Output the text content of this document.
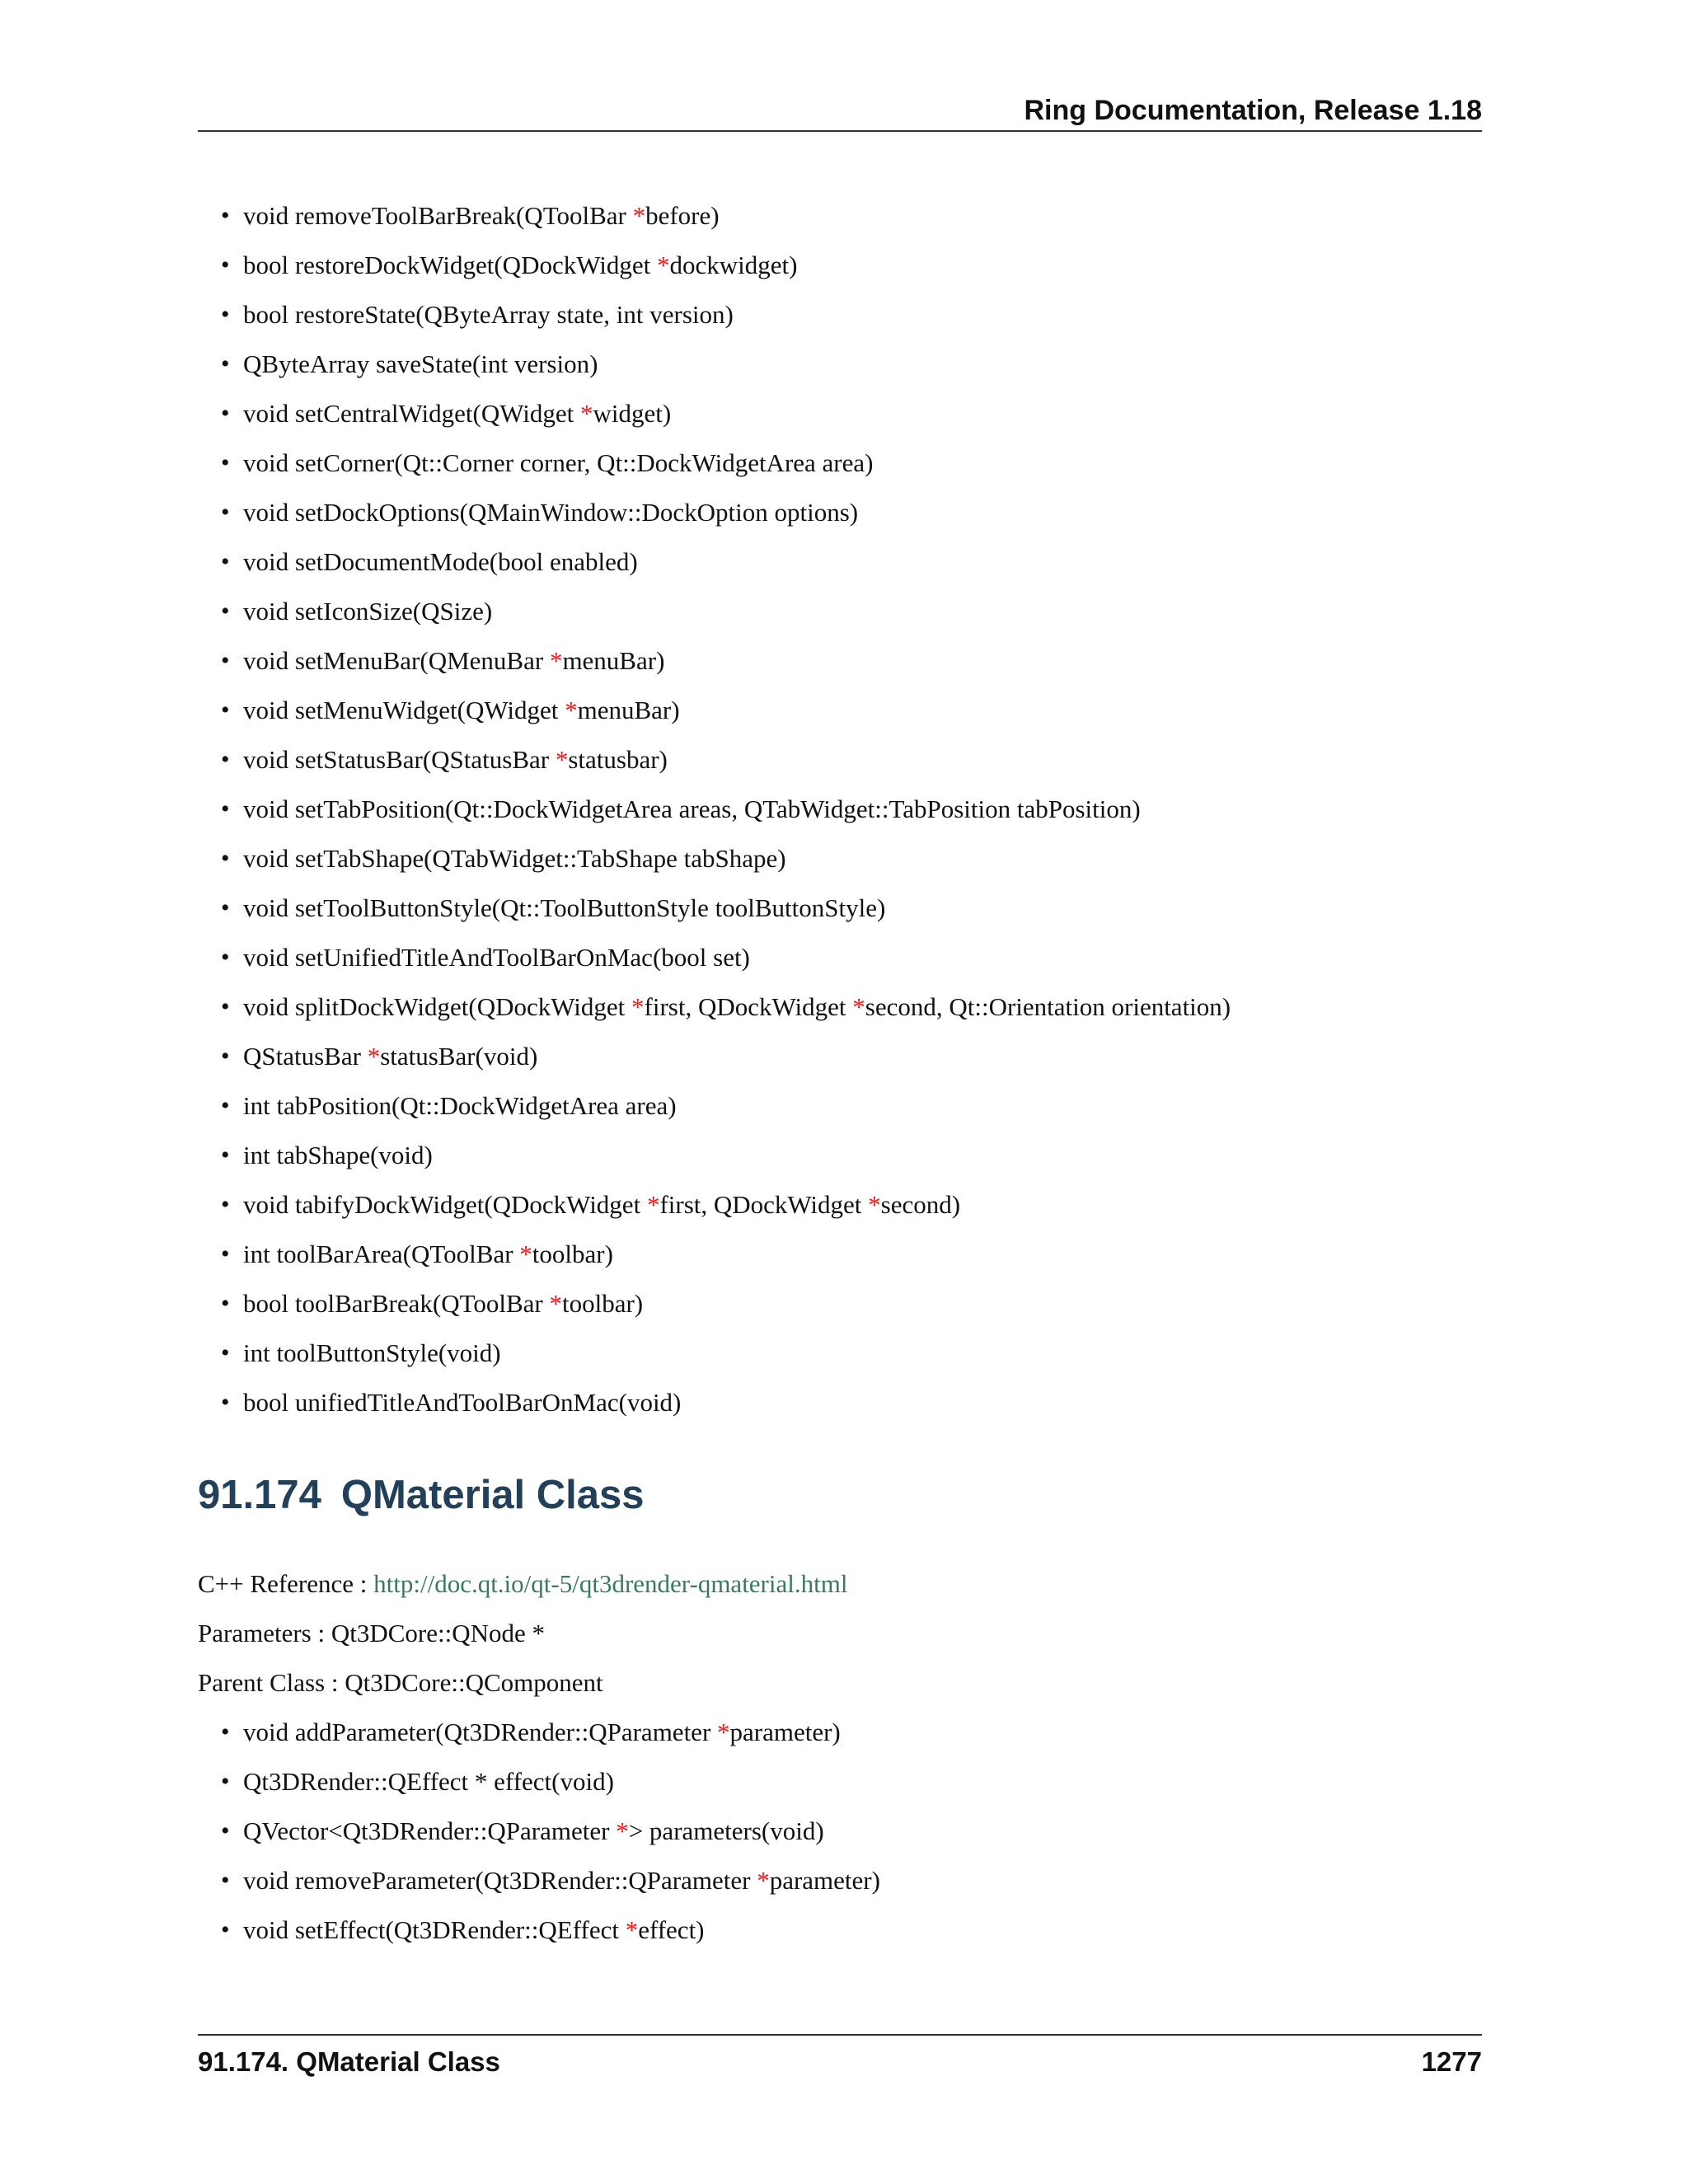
Ring Documentation, Release 1.18
• void removeToolBarBreak(QToolBar *before)
• bool restoreDockWidget(QDockWidget *dockwidget)
• bool restoreState(QByteArray state, int version)
• QByteArray saveState(int version)
• void setCentralWidget(QWidget *widget)
• void setCorner(Qt::Corner corner, Qt::DockWidgetArea area)
• void setDockOptions(QMainWindow::DockOption options)
• void setDocumentMode(bool enabled)
• void setIconSize(QSize)
• void setMenuBar(QMenuBar *menuBar)
• void setMenuWidget(QWidget *menuBar)
• void setStatusBar(QStatusBar *statusbar)
• void setTabPosition(Qt::DockWidgetArea areas, QTabWidget::TabPosition tabPosition)
• void setTabShape(QTabWidget::TabShape tabShape)
• void setToolButtonStyle(Qt::ToolButtonStyle toolButtonStyle)
• void setUnifiedTitleAndToolBarOnMac(bool set)
• void splitDockWidget(QDockWidget *first, QDockWidget *second, Qt::Orientation orientation)
• QStatusBar *statusBar(void)
• int tabPosition(Qt::DockWidgetArea area)
• int tabShape(void)
• void tabifyDockWidget(QDockWidget *first, QDockWidget *second)
• int toolBarArea(QToolBar *toolbar)
• bool toolBarBreak(QToolBar *toolbar)
• int toolButtonStyle(void)
• bool unifiedTitleAndToolBarOnMac(void)
91.174 QMaterial Class
C++ Reference : http://doc.qt.io/qt-5/qt3drender-qmaterial.html
Parameters : Qt3DCore::QNode *
Parent Class : Qt3DCore::QComponent
• void addParameter(Qt3DRender::QParameter *parameter)
• Qt3DRender::QEffect * effect(void)
• QVector<Qt3DRender::QParameter *> parameters(void)
• void removeParameter(Qt3DRender::QParameter *parameter)
• void setEffect(Qt3DRender::QEffect *effect)
91.174. QMaterial Class	1277
